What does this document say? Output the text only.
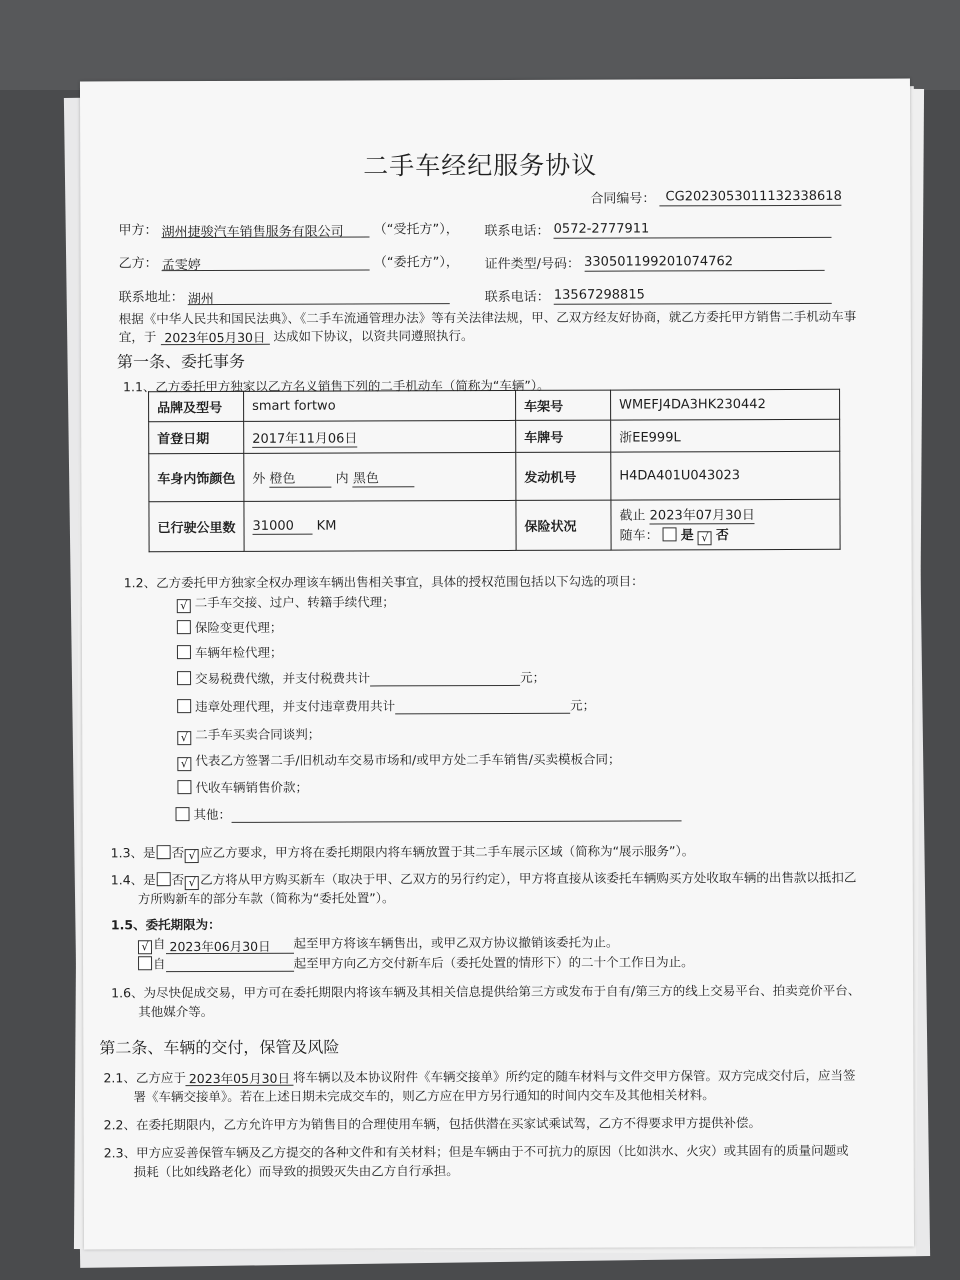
二手车经纪服务协议
合同编号： CG2023053011132338618
甲方： 湖州捷骏汽车销售服务有限公司 （“受托方”）， 联系电话： 0572-2777911
乙方： 孟雯婷	（“委托方”）， 证件类型/号码： 330501199201074762
联系地址： 湖州	联系电话： 13567298815
根据《中华人民共和国民法典》、《二手车流通管理办法》等有关法律法规，甲、乙双方经友好协商，就乙方委托甲方销售二手机动车事
宜，于 2023年05月30日 达成如下协议，以资共同遵照执行。
第一条、委托事务
1.1、乙方委托甲方独家以乙方名义销售下列的二手机动车（简称为“车辆”）。
品牌及型号	smart fortwo	车架号	WMEFJ4DA3HK230442
首登日期	2017年11月06日	车牌号	浙EE999L
车身内饰颜色	外 橙色 内 黑色	发动机号	H4DA401U043023
已行驶公里数	31000 KM	保险状况	截止 2023年07月30日
随车： 是 √ 否
1.2、乙方委托甲方独家全权办理该车辆出售相关事宜，具体的授权范围包括以下勾选的项目：
√ 二手车交接、过户、转籍手续代理；
保险变更代理；
车辆年检代理；
交易税费代缴，并支付税费共计	元；
违章处理代理，并支付违章费用共计	元；
√ 二手车买卖合同谈判；
√ 代表乙方签署二手/旧机动车交易市场和/或甲方处二手车销售/买卖模板合同；
代收车辆销售价款；
其他：
1.3、是 否 √ 应乙方要求，甲方将在委托期限内将车辆放置于其二手车展示区域（简称为“展示服务”）。
1.4、是 否 √ 乙方将从甲方购买新车（取决于甲、乙双方的另行约定），甲方将直接从该委托车辆购买方处收取车辆的出售款以抵扣乙
方所购新车的部分车款（简称为“委托处置”）。
1.5、委托期限为：
√ 自 2023年06月30日 起至甲方将该车辆售出，或甲乙双方协议撤销该委托为止。
自	起至甲方向乙方交付新车后（委托处置的情形下）的二十个工作日为止。
1.6、为尽快促成交易，甲方可在委托期限内将该车辆及其相关信息提供给第三方或发布于自有/第三方的线上交易平台、拍卖竞价平台、
其他媒介等。
第二条、车辆的交付，保管及风险
2.1、乙方应于 2023年05月30日 将车辆以及本协议附件《车辆交接单》所约定的随车材料与文件交甲方保管。双方完成交付后，应当签
署《车辆交接单》。若在上述日期未完成交车的，则乙方应在甲方另行通知的时间内交车及其他相关材料。
2.2、在委托期限内，乙方允许甲方为销售目的合理使用车辆，包括供潜在买家试乘试驾，乙方不得要求甲方提供补偿。
2.3、甲方应妥善保管车辆及乙方提交的各种文件和有关材料；但是车辆由于不可抗力的原因（比如洪水、火灾）或其固有的质量问题或
损耗（比如线路老化）而导致的损毁灭失由乙方自行承担。
